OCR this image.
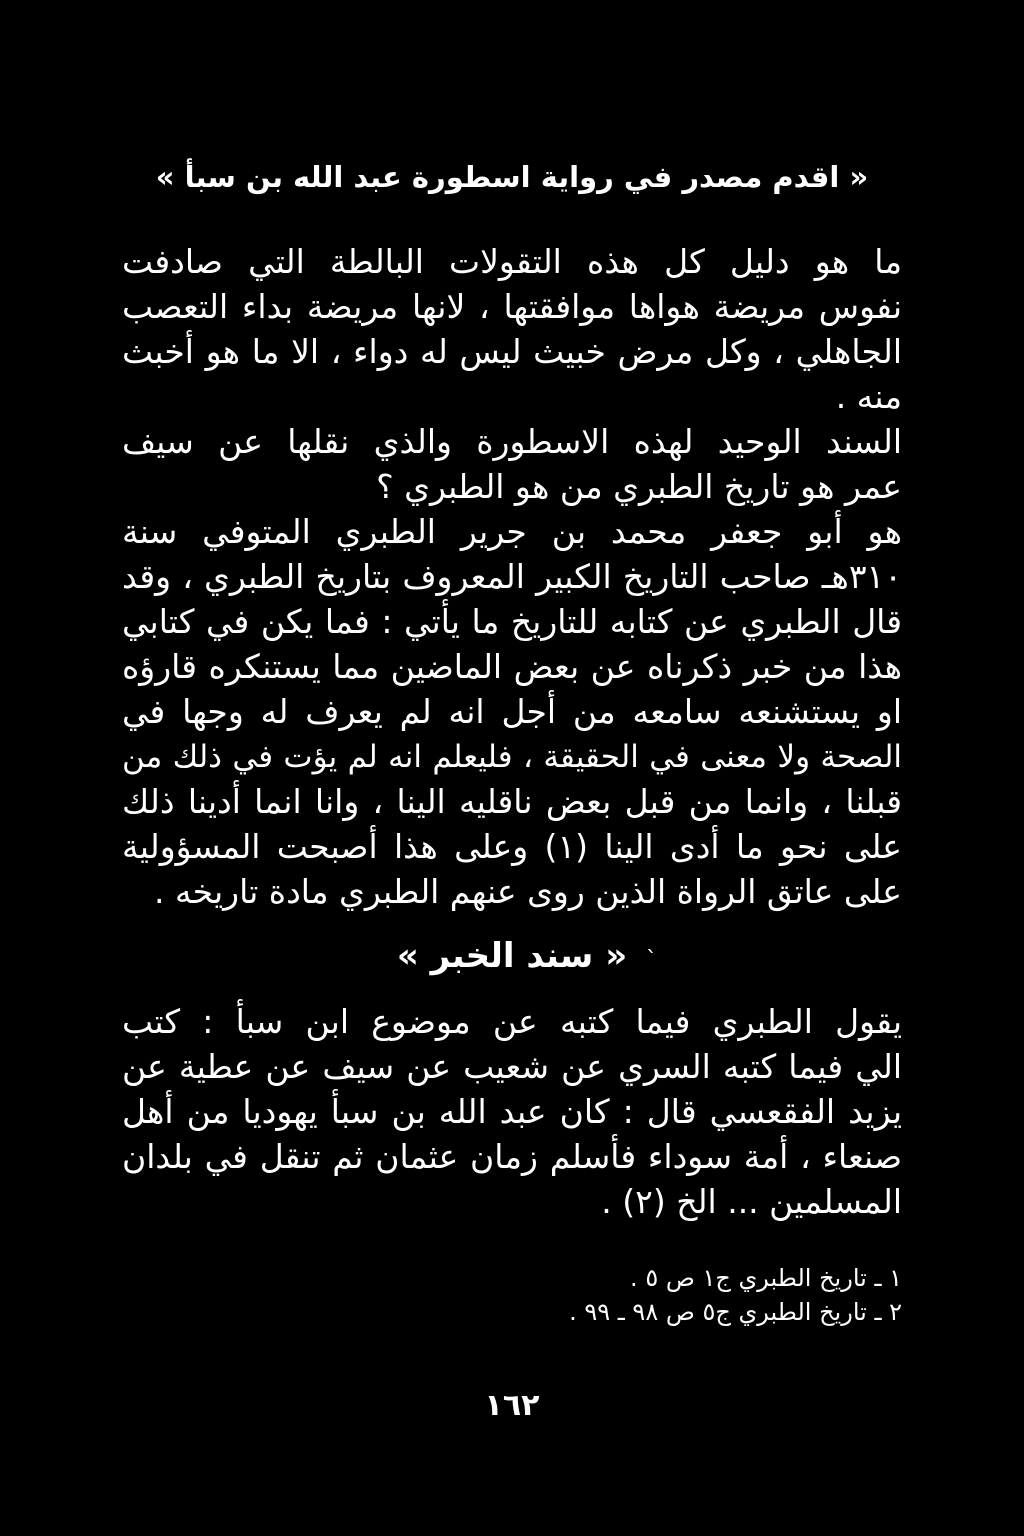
« اقدم مصدر في رواية اسطورة عبد الله بن سبأ »
ما هو دليل كل هذه التقولات البالطة التي صادفت
نفوس مريضة هواها موافقتها ، لانها مريضة بداء التعصب
الجاهلي ، وكل مرض خبيث ليس له دواء ، الا ما هو أخبث
منه .
السند الوحيد لهذه الاسطورة والذي نقلها عن سيف
عمر هو تاريخ الطبري من هو الطبري ؟
هو أبو جعفر محمد بن جرير الطبري المتوفي سنة
٣١٠هـ صاحب التاريخ الكبير المعروف بتاريخ الطبري ، وقد
قال الطبري عن كتابه للتاريخ ما يأتي : فما يكن في كتابي
هذا من خبر ذكرناه عن بعض الماضين مما يستنكره قارؤه
او يستشنعه سامعه من أجل انه لم يعرف له وجها في
الصحة ولا معنى في الحقيقة ، فليعلم انه لم يؤت في ذلك من
قبلنا ، وانما من قبل بعض ناقليه الينا ، وانا انما أدينا ذلك
على نحو ما أدى الينا (١) وعلى هذا أصبحت المسؤولية
على عاتق الرواة الذين روى عنهم الطبري مادة تاريخه .
« سند الخبر » `
يقول الطبري فيما كتبه عن موضوع ابن سبأ : كتب
الي فيما كتبه السري عن شعيب عن سيف عن عطية عن
يزيد الفقعسي قال : كان عبد الله بن سبأ يهوديا من أهل
صنعاء ، أمة سوداء فأسلم زمان عثمان ثم تنقل في بلدان
المسلمين ... الخ (٢) .
١ ـ تاريخ الطبري ج١ ص ٥ .
٢ ـ تاريخ الطبري ج٥ ص ٩٨ ـ ٩٩ .
١٦٢
